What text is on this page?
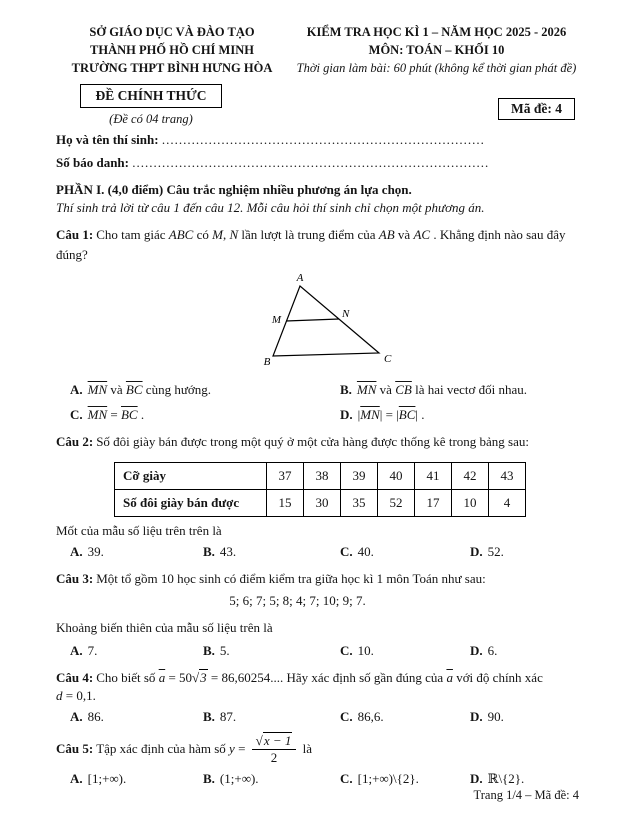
SỞ GIÁO DỤC VÀ ĐÀO TẠO
THÀNH PHỐ HỒ CHÍ MINH
TRƯỜNG THPT BÌNH HƯNG HÒA
KIỂM TRA HỌC KÌ 1 – NĂM HỌC 2025 - 2026
MÔN: TOÁN – KHỐI 10
Thời gian làm bài: 60 phút (không kể thời gian phát đề)
ĐỀ CHÍNH THỨC
(Đề có 04 trang)
Mã đề: 4
Họ và tên thí sinh: ............................................................................
Số báo danh: ....................................................................................
PHẦN I. (4,0 điểm) Câu trắc nghiệm nhiều phương án lựa chọn.
Thí sinh trả lời từ câu 1 đến câu 12. Mỗi câu hỏi thí sinh chỉ chọn một phương án.
Câu 1: Cho tam giác ABC có M, N lần lượt là trung điểm của AB và AC . Khẳng định nào sau đây đúng?
A
M	N
B	C
A. $\overline{MN}$ và $\overline{BC}$ cùng hướng.	B. $\overline{MN}$ và $\overline{CB}$ là hai vectơ đối nhau.
C. $\overline{MN} = \overline{BC}$ .	D. $|\overline{MN}| = |\overline{BC}|$ .
Câu 2: Số đôi giày bán được trong một quý ở một cửa hàng được thống kê trong bảng sau:
Cỡ giày	37	38	39	40	41	42	43
Số đôi giày bán được	15	30	35	52	17	10	4
Mốt của mẫu số liệu trên trên là
A. 39.	B. 43.	C. 40.	D. 52.
Câu 3: Một tổ gồm 10 học sinh có điểm kiểm tra giữa học kì 1 môn Toán như sau:
5; 6; 7; 5; 8; 4; 7; 10; 9; 7.
Khoảng biến thiên của mẫu số liệu trên là
A. 7.	B. 5.	C. 10.	D. 6.
Câu 4: Cho biết số $\overline{a} = 50√3 = 86,60254$.... Hãy xác định số gần đúng của $\overline{a}$ với độ chính xác
d = 0,1.
A. 86.	B. 87.	C. 86,6.	D. 90.
Câu 5: Tập xác định của hàm số $y = \frac{√x - 1}{2}$ là
A. [1;+∞).	B. (1;+∞).	C. [1;+∞)\{2}.	D. ℝ\{2}.
Trang 1/4 – Mã đề: 4
